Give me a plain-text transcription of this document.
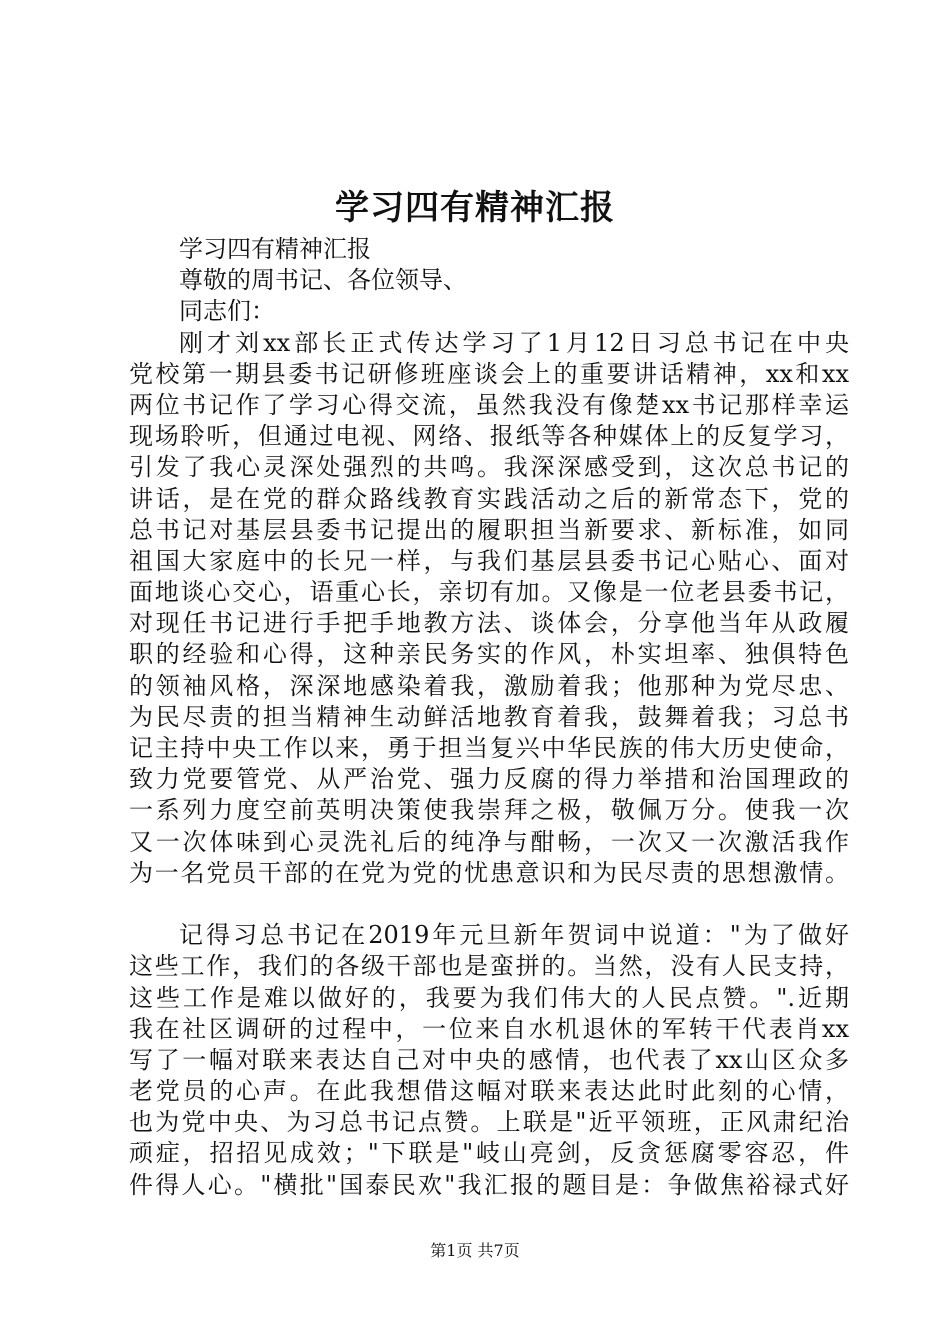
学习四有精神汇报
学习四有精神汇报
尊敬的周书记、各位领导、
同志们：
刚才刘xx部长正式传达学习了1月12日习总书记在中央
党校第一期县委书记研修班座谈会上的重要讲话精神，xx和xx
两位书记作了学习心得交流，虽然我没有像楚xx书记那样幸运
现场聆听，但通过电视、网络、报纸等各种媒体上的反复学习，
引发了我心灵深处强烈的共鸣。我深深感受到，这次总书记的
讲话，是在党的群众路线教育实践活动之后的新常态下，党的
总书记对基层县委书记提出的履职担当新要求、新标准，如同
祖国大家庭中的长兄一样，与我们基层县委书记心贴心、面对
面地谈心交心，语重心长，亲切有加。又像是一位老县委书记，
对现任书记进行手把手地教方法、谈体会，分享他当年从政履
职的经验和心得，这种亲民务实的作风，朴实坦率、独俱特色
的领袖风格，深深地感染着我，激励着我；他那种为党尽忠、
为民尽责的担当精神生动鲜活地教育着我，鼓舞着我；习总书
记主持中央工作以来，勇于担当复兴中华民族的伟大历史使命，
致力党要管党、从严治党、强力反腐的得力举措和治国理政的
一系列力度空前英明决策使我崇拜之极，敬佩万分。使我一次
又一次体味到心灵洗礼后的纯净与酣畅，一次又一次激活我作
为一名党员干部的在党为党的忧患意识和为民尽责的思想激情。
记得习总书记在2019年元旦新年贺词中说道："为了做好
这些工作，我们的各级干部也是蛮拼的。当然，没有人民支持，
这些工作是难以做好的，我要为我们伟大的人民点赞。".近期
我在社区调研的过程中，一位来自水机退休的军转干代表肖xx
写了一幅对联来表达自己对中央的感情，也代表了xx山区众多
老党员的心声。在此我想借这幅对联来表达此时此刻的心情，
也为党中央、为习总书记点赞。上联是"近平领班，正风肃纪治
顽症，招招见成效；"下联是"岐山亮剑，反贪惩腐零容忍，件
件得人心。"横批"国泰民欢"我汇报的题目是：争做焦裕禄式好
第1页 共7页
